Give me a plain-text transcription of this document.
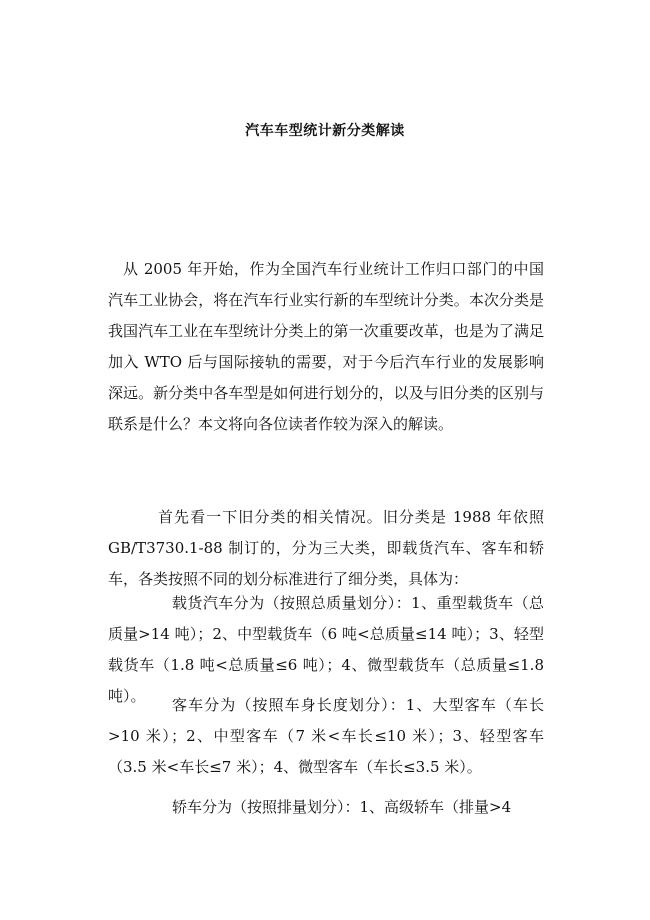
汽车车型统计新分类解读

从 2005 年开始，作为全国汽车行业统计工作归口部门的中国汽车工业协会，将在汽车行业实行新的车型统计分类。本次分类是我国汽车工业在车型统计分类上的第一次重要改革，也是为了满足加入 WTO 后与国际接轨的需要，对于今后汽车行业的发展影响深远。新分类中各车型是如何进行划分的，以及与旧分类的区别与联系是什么？本文将向各位读者作较为深入的解读。

首先看一下旧分类的相关情况。旧分类是 1988 年依照 GB/T3730.1-88 制订的，分为三大类，即载货汽车、客车和轿车，各类按照不同的划分标准进行了细分类，具体为：

载货汽车分为（按照总质量划分）：1、重型载货车（总质量>14 吨）；2、中型载货车（6 吨<总质量≤14 吨）；3、轻型载货车（1.8 吨<总质量≤6 吨）；4、微型载货车（总质量≤1.8 吨）。	客车分为（按照车身长度划分）：1、大型客车（车长>10 米）；2、中型客车（7 米<车长≤10 米）；3、轻型客车（3.5 米<车长≤7 米）；4、微型客车（车长≤3.5 米）。

轿车分为（按照排量划分）：1、高级轿车（排量>4
